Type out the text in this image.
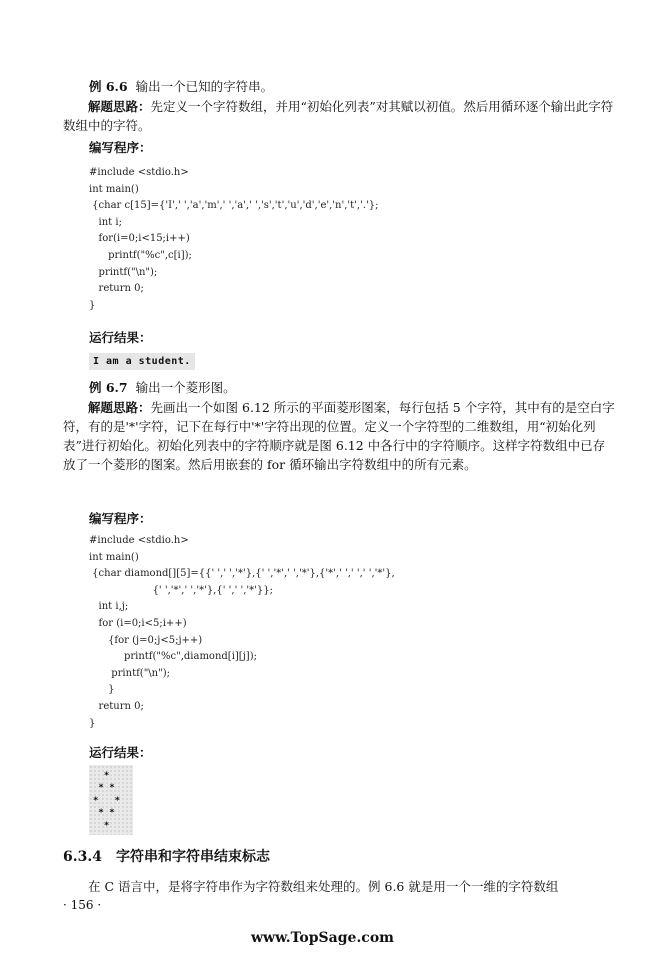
例 6.6 输出一个已知的字符串。
解题思路：先定义一个字符数组，并用“初始化列表”对其赋以初值。然后用循环逐个输出此字符数组中的字符。
编写程序：
#include <stdio.h>
int main()
{char c[15]={'I',' ','a','m',' ','a',' ','s','t','u','d','e','n','t','.'};
int i;
for(i=0;i<15;i++)
printf("%c",c[i]);
printf("\n");
return 0;
}
运行结果：
I am a student.
例 6.7 输出一个菱形图。
解题思路：先画出一个如图 6.12 所示的平面菱形图案，每行包括 5 个字符，其中有的是空白字符，有的是'*'字符，记下在每行中'*'字符出现的位置。定义一个字符型的二维数组，用“初始化列表”进行初始化。初始化列表中的字符顺序就是图 6.12 中各行中的字符顺序。这样字符数组中已存放了一个菱形的图案。然后用嵌套的 for 循环输出字符数组中的所有元素。
编写程序：
#include <stdio.h>
int main()
{char diamond[][5]={{' ',' ','*'},{' ','*',' ','*'},{'*',' ',' ',' ','*'},
{' ','*',' ','*'},{' ',' ','*'}};
int i,j;
for (i=0;i<5;i++)
{for (j=0;j<5;j++)
printf("%c",diamond[i][j]);
printf("\n");
}
return 0;
}
运行结果：
*
* *
*   *
* *
*
6.3.4 字符串和字符串结束标志
在 C 语言中，是将字符串作为字符数组来处理的。例 6.6 就是用一个一维的字符数组
· 156 ·
www.TopSage.com
